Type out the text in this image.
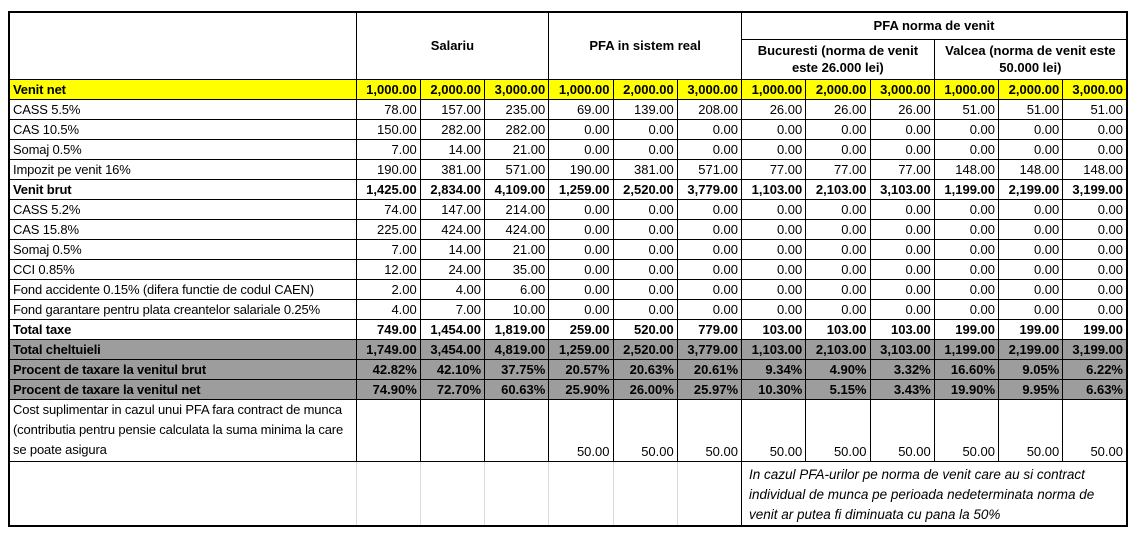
	Salariu			PFA in sistem real			PFA norma de venit					
							Bucuresti (norma de venit este 26.000 lei)			Valcea (norma de venit este 50.000 lei)		
Venit net	1,000.00	2,000.00	3,000.00	1,000.00	2,000.00	3,000.00	1,000.00	2,000.00	3,000.00	1,000.00	2,000.00	3,000.00
CASS 5.5%	78.00	157.00	235.00	69.00	139.00	208.00	26.00	26.00	26.00	51.00	51.00	51.00
CAS 10.5%	150.00	282.00	282.00	0.00	0.00	0.00	0.00	0.00	0.00	0.00	0.00	0.00
Somaj 0.5%	7.00	14.00	21.00	0.00	0.00	0.00	0.00	0.00	0.00	0.00	0.00	0.00
Impozit pe venit 16%	190.00	381.00	571.00	190.00	381.00	571.00	77.00	77.00	77.00	148.00	148.00	148.00
Venit brut	1,425.00	2,834.00	4,109.00	1,259.00	2,520.00	3,779.00	1,103.00	2,103.00	3,103.00	1,199.00	2,199.00	3,199.00
CASS 5.2%	74.00	147.00	214.00	0.00	0.00	0.00	0.00	0.00	0.00	0.00	0.00	0.00
CAS 15.8%	225.00	424.00	424.00	0.00	0.00	0.00	0.00	0.00	0.00	0.00	0.00	0.00
Somaj 0.5%	7.00	14.00	21.00	0.00	0.00	0.00	0.00	0.00	0.00	0.00	0.00	0.00
CCI 0.85%	12.00	24.00	35.00	0.00	0.00	0.00	0.00	0.00	0.00	0.00	0.00	0.00
Fond accidente 0.15% (difera functie de codul CAEN)	2.00	4.00	6.00	0.00	0.00	0.00	0.00	0.00	0.00	0.00	0.00	0.00
Fond garantare pentru plata creantelor salariale 0.25%	4.00	7.00	10.00	0.00	0.00	0.00	0.00	0.00	0.00	0.00	0.00	0.00
Total taxe	749.00	1,454.00	1,819.00	259.00	520.00	779.00	103.00	103.00	103.00	199.00	199.00	199.00
Total cheltuieli	1,749.00	3,454.00	4,819.00	1,259.00	2,520.00	3,779.00	1,103.00	2,103.00	3,103.00	1,199.00	2,199.00	3,199.00
Procent de taxare la venitul brut	42.82%	42.10%	37.75%	20.57%	20.63%	20.61%	9.34%	4.90%	3.32%	16.60%	9.05%	6.22%
Procent de taxare la venitul net	74.90%	72.70%	60.63%	25.90%	26.00%	25.97%	10.30%	5.15%	3.43%	19.90%	9.95%	6.63%
Cost suplimentar in cazul unui PFA fara contract de munca (contributia pentru pensie calculata la suma minima la care se poate asigura				50.00	50.00	50.00	50.00	50.00	50.00	50.00	50.00	50.00
							In cazul PFA-urilor pe norma de venit care au si contract individual de munca pe perioada nedeterminata norma de venit ar putea fi diminuata cu pana la 50%					
